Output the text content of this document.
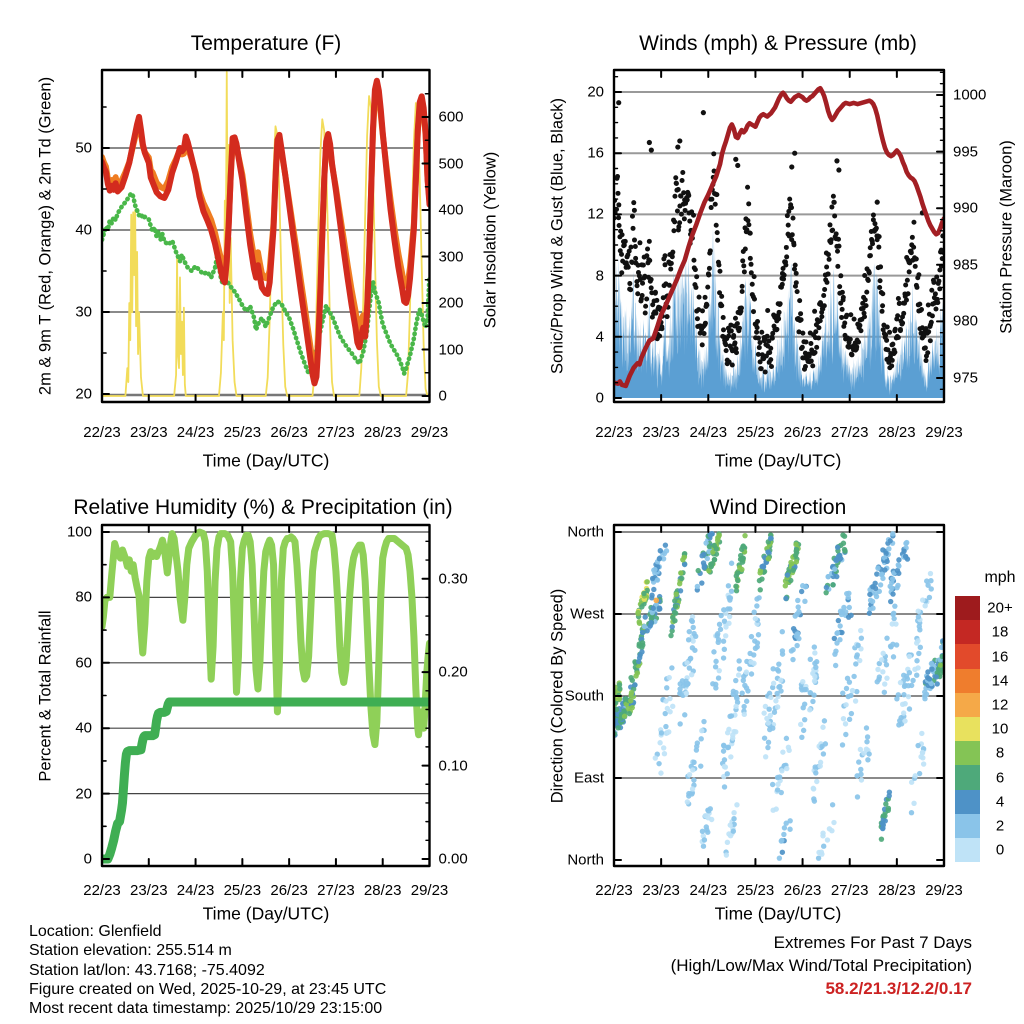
Temperature (F)	Winds (mph) & Pressure (mb)
Relative Humidity (%) & Precipitation (in)	Wind Direction
Time (Day/UTC)	Time (Day/UTC)
Time (Day/UTC)	Time (Day/UTC)
2m & 9m T (Red, Orange) & 2m Td (Green)	Solar Insolation (Yellow)	Sonic/Prop Wind & Gust (Blue, Black)	Station Pressure (Maroon)
Percent & Total Rainfall	Direction (Colored By Speed)
22/23 23/23 24/23 25/23 26/23 27/23 28/23 29/23	22/23 23/23 24/23 25/23 26/23 27/23 28/23 29/23
22/23 23/23 24/23 25/23 26/23 27/23 28/23 29/23	22/23 23/23 24/23 25/23 26/23 27/23 28/23 29/23
20
30
40
50
0
100
200
300
400
500
600
0
4
8
12
16
20
975
980
985
990
995
1000
0
20
40
60
80
100
0.00
0.10
0.20
0.30
North
West
South
East
North
mph
20+
18
16
14
12
10
8
6
4
2
0
Location: Glenfield
Station elevation: 255.514 m
Station lat/lon: 43.7168; -75.4092
Figure created on Wed, 2025-10-29, at 23:45 UTC
Most recent data timestamp: 2025/10/29 23:15:00
Extremes For Past 7 Days
(High/Low/Max Wind/Total Precipitation)
58.2/21.3/12.2/0.17
